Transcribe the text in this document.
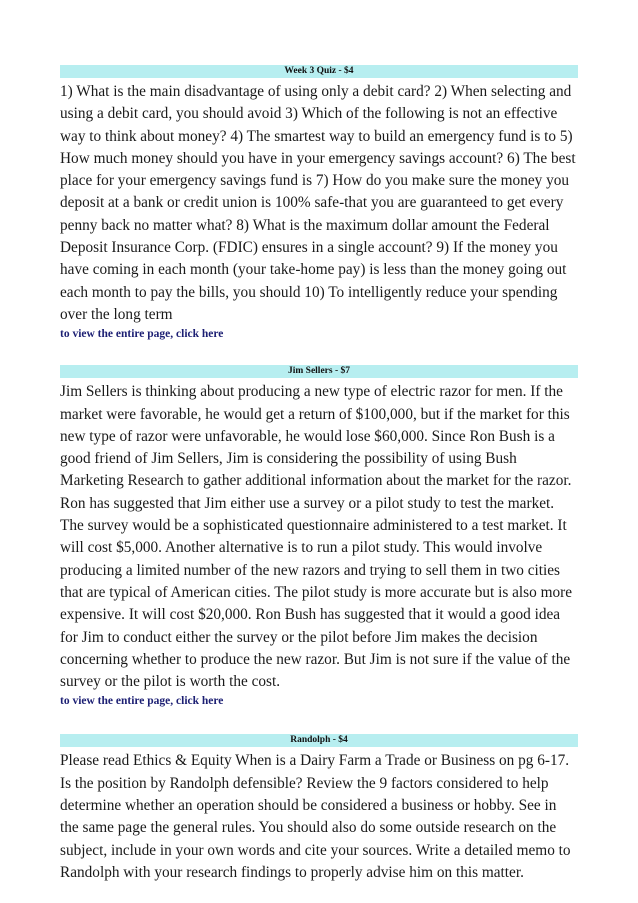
Week 3 Quiz - $4

1) What is the main disadvantage of using only a debit card? 2) When selecting and using a debit card, you should avoid 3) Which of the following is not an effective way to think about money? 4) The smartest way to build an emergency fund is to 5) How much money should you have in your emergency savings account? 6) The best place for your emergency savings fund is 7) How do you make sure the money you deposit at a bank or credit union is 100% safe-that you are guaranteed to get every penny back no matter what? 8) What is the maximum dollar amount the Federal Deposit Insurance Corp. (FDIC) ensures in a single account? 9) If the money you have coming in each month (your take-home pay) is less than the money going out each month to pay the bills, you should 10) To intelligently reduce your spending over the long term

to view the entire page, click here
Jim Sellers - $7

Jim Sellers is thinking about producing a new type of electric razor for men. If the market were favorable, he would get a return of $100,000, but if the market for this new type of razor were unfavorable, he would lose $60,000. Since Ron Bush is a good friend of Jim Sellers, Jim is considering the possibility of using Bush Marketing Research to gather additional information about the market for the razor. Ron has suggested that Jim either use a survey or a pilot study to test the market. The survey would be a sophisticated questionnaire administered to a test market. It will cost $5,000. Another alternative is to run a pilot study. This would involve producing a limited number of the new razors and trying to sell them in two cities that are typical of American cities. The pilot study is more accurate but is also more expensive. It will cost $20,000. Ron Bush has suggested that it would a good idea for Jim to conduct either the survey or the pilot before Jim makes the decision concerning whether to produce the new razor. But Jim is not sure if the value of the survey or the pilot is worth the cost.

to view the entire page, click here
Randolph - $4

Please read Ethics & Equity When is a Dairy Farm a Trade or Business on pg 6-17. Is the position by Randolph defensible? Review the 9 factors considered to help determine whether an operation should be considered a business or hobby. See in the same page the general rules. You should also do some outside research on the subject, include in your own words and cite your sources. Write a detailed memo to Randolph with your research findings to properly advise him on this matter.
